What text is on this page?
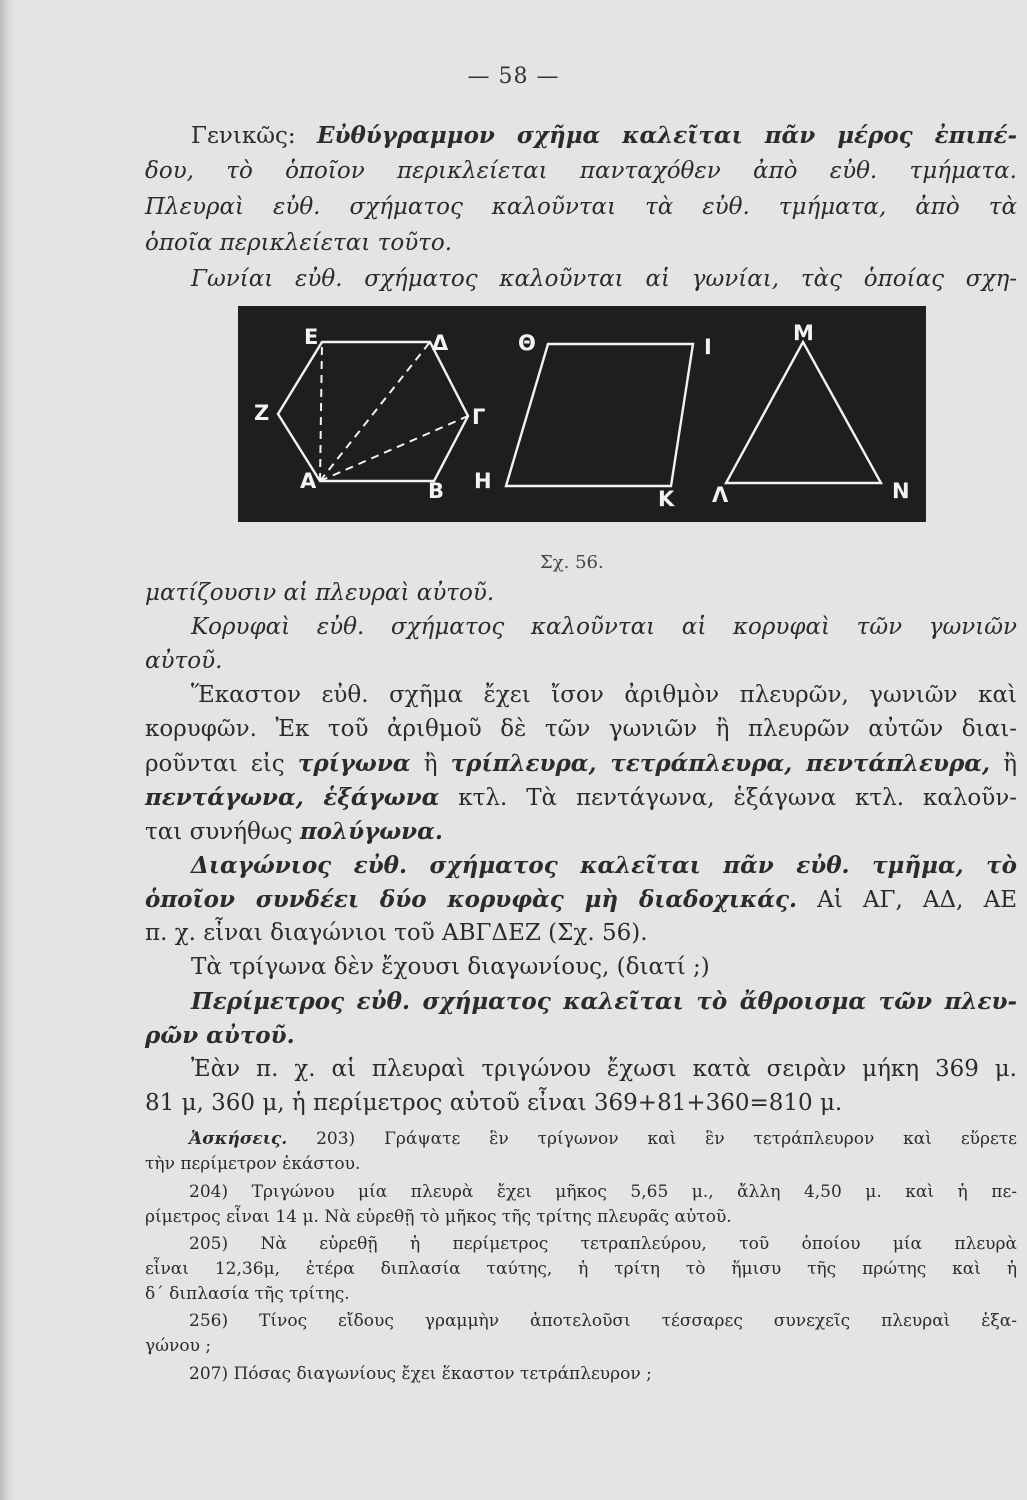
— 58 —
Γενικῶς: Εὐθύγραμμον σχῆμα καλεῖται πᾶν μέρος ἐπιπέ-
δου, τὸ ὁποῖον περικλείεται πανταχόθεν ἀπὸ εὐθ. τμήματα.
Πλευραὶ εὐθ. σχήματος καλοῦνται τὰ εὐθ. τμήματα, ἀπὸ τὰ
ὁποῖα περικλείεται τοῦτο.
Γωνίαι εὐθ. σχήματος καλοῦνται αἱ γωνίαι, τὰς ὁποίας σχη-
Ε	Δ
Ζ	Γ
Α	Β
Θ	Ι
Η
Κ
Μ
Λ	Ν
Σχ. 56.
ματίζουσιν αἱ πλευραὶ αὐτοῦ.
Κορυφαὶ εὐθ. σχήματος καλοῦνται αἱ κορυφαὶ τῶν γωνιῶν
αὐτοῦ.
Ἕκαστον εὐθ. σχῆμα ἔχει ἴσον ἀριθμὸν πλευρῶν, γωνιῶν καὶ
κορυφῶν. Ἐκ τοῦ ἀριθμοῦ δὲ τῶν γωνιῶν ἢ πλευρῶν αὐτῶν διαι-
ροῦνται εἰς τρίγωνα ἢ τρίπλευρα, τετράπλευρα, πεντάπλευρα, ἢ
πεντάγωνα, ἑξάγωνα κτλ. Τὰ πεντάγωνα, ἑξάγωνα κτλ. καλοῦν-
ται συνήθως πολύγωνα.
Διαγώνιος εὐθ. σχήματος καλεῖται πᾶν εὐθ. τμῆμα, τὸ
ὁποῖον συνδέει δύο κορυφὰς μὴ διαδοχικάς. Αἱ ΑΓ, ΑΔ, ΑΕ
π. χ. εἶναι διαγώνιοι τοῦ ΑΒΓΔΕΖ (Σχ. 56).
Τὰ τρίγωνα δὲν ἔχουσι διαγωνίους, (διατί ;)
Περίμετρος εὐθ. σχήματος καλεῖται τὸ ἄθροισμα τῶν πλευ-
ρῶν αὐτοῦ.
Ἐὰν π. χ. αἱ πλευραὶ τριγώνου ἔχωσι κατὰ σειρὰν μήκη 369 μ.
81 μ, 360 μ, ἡ περίμετρος αὐτοῦ εἶναι 369+81+360=810 μ.
Ἀσκήσεις. 203) Γράψατε ἓν τρίγωνον καὶ ἓν τετράπλευρον καὶ εὕρετε
τὴν περίμετρον ἑκάστου.
204) Τριγώνου μία πλευρὰ ἔχει μῆκος 5,65 μ., ἄλλη 4,50 μ. καὶ ἡ πε-
ρίμετρος εἶναι 14 μ. Νὰ εὑρεθῇ τὸ μῆκος τῆς τρίτης πλευρᾶς αὐτοῦ.
205) Νὰ εὑρεθῇ ἡ περίμετρος τετραπλεύρου, τοῦ ὁποίου μία πλευρὰ
εἶναι 12,36μ, ἑτέρα διπλασία ταύτης, ἡ τρίτη τὸ ἥμισυ τῆς πρώτης καὶ ἡ
δ΄ διπλασία τῆς τρίτης.
256) Τίνος εἴδους γραμμὴν ἀποτελοῦσι τέσσαρες συνεχεῖς πλευραὶ ἑξα-
γώνου ;
207) Πόσας διαγωνίους ἔχει ἕκαστον τετράπλευρον ;
